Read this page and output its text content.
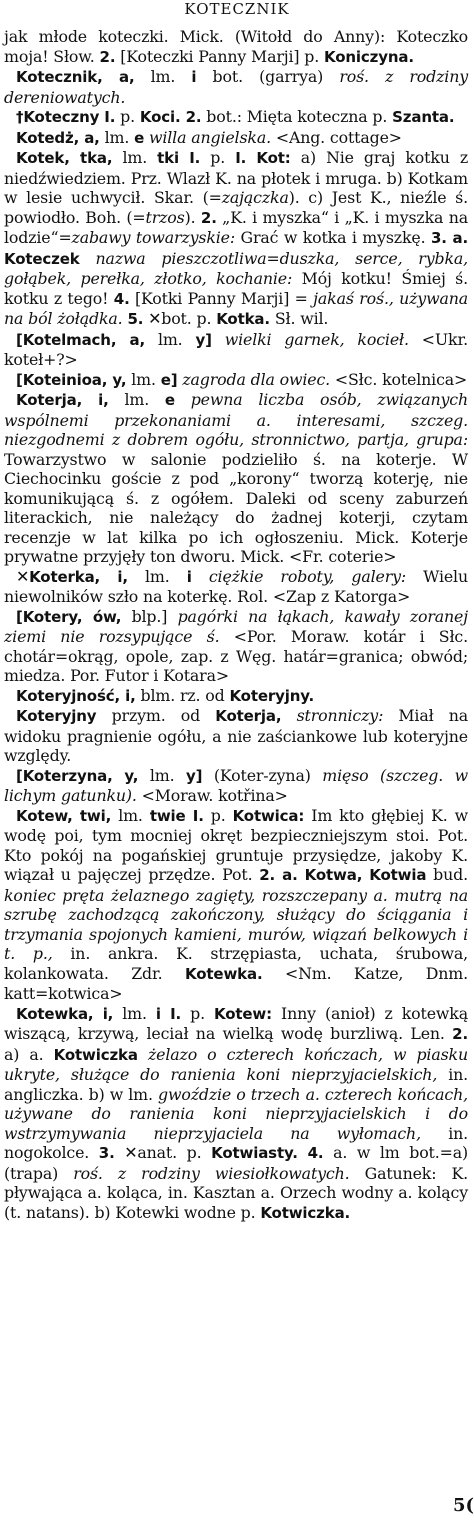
KOTECZNIK

jak młode koteczki. Mick. (Witołd do Anny): Koteczko moja! Słow. 2. [Koteczki Panny Marji] p. Koniczyna.

Kotecznik, a, lm. i bot. (garrya) roś. z rodziny dereniowatych.

†Koteczny I. p. Koci. 2. bot.: Mięta koteczna p. Szanta.

Kotedż, a, lm. e willa angielska. <Ang. cottage>

Kotek, tka, lm. tki I. p. I. Kot: a) Nie graj kotku z niedźwiedziem. Prz. Wlazł K. na płotek i mruga. b) Kotkam w lesie uchwycił. Skar. (=zajączka). c) Jest K., nieźle ś. powiodło. Boh. (=trzos). 2. „K. i myszka“ i „K. i myszka na lodzie“=zabawy towarzyskie: Grać w kotka i myszkę. 3. a. Koteczek nazwa pieszczotliwa=duszka, serce, rybka, gołąbek, perełka, złotko, kochanie: Mój kotku! Śmiej ś. kotku z tego! 4. [Kotki Panny Marji] = jakaś roś., używana na ból żołądka. 5. ✕bot. p. Kotka. Sł. wil.

[Kotelmach, a, lm. y] wielki garnek, kocieł. <Ukr. koteł+?>

[Koteinioa, y, lm. e] zagroda dla owiec. <Słc. kotelnica>

Koterja, i, lm. e pewna liczba osób, związanych wspólnemi przekonaniami a. interesami, szczeg. niezgodnemi z dobrem ogółu, stronnictwo, partja, grupa: Towarzystwo w salonie podzieliło ś. na koterje. W Ciechocinku goście z pod „korony“ tworzą koterję, nie komunikującą ś. z ogółem. Daleki od sceny zaburzeń literackich, nie należący do żadnej koterji, czytam recenzje w lat kilka po ich ogłoszeniu. Mick. Koterje prywatne przyjęły ton dworu. Mick. <Fr. coterie>

✕Koterka, i, lm. i ciężkie roboty, galery: Wielu niewolników szło na koterkę. Rol. <Zap z Katorga>

[Kotery, ów, blp.] pagórki na łąkach, kawały zoranej ziemi nie rozsypujące ś. <Por. Moraw. kotár i Słc. chotár=okrąg, opole, zap. z Węg. határ=granica; obwód; miedza. Por. Futor i Kotara>

Koteryjność, i, blm. rz. od Koteryjny.

Koteryjny przym. od Koterja, stronniczy: Miał na widoku pragnienie ogółu, a nie zaściankowe lub koteryjne względy.

[Koterzyna, y, lm. y] (Koter-zyna) mięso (szczeg. w lichym gatunku). <Moraw. kotřina>

Kotew, twi, lm. twie I. p. Kotwica: Im kto głębiej K. w wodę poi, tym mocniej okręt bezpieczniejszym stoi. Pot. Kto pokój na pogańskiej gruntuje przysiędze, jakoby K. wiązał u pajęczej przędze. Pot. 2. a. Kotwa, Kotwia bud. koniec pręta żelaznego zagięty, rozszczepany a. mutrą na szrubę zachodzącą zakończony, służący do ściągania i trzymania spojonych kamieni, murów, wiązań belkowych i t. p., in. ankra. K. strzępiasta, uchata, śrubowa, kolankowata. Zdr. Kotewka. <Nm. Katze, Dnm. katt=kotwica>

Kotewka, i, lm. i I. p. Kotew: Inny (anioł) z kotewką wiszącą, krzywą, leciał na wielką wodę burzliwą. Len. 2. a) a. Kotwiczka żelazo o czterech kończach, w piasku ukryte, służące do ranienia koni nieprzyjacielskich, in. angliczka. b) w lm. gwoździe o trzech a. czterech końcach, używane do ranienia koni nieprzyjacielskich i do wstrzymywania nieprzyjaciela na wyłomach, in. nogokolce. 3. ✕anat. p. Kotwiasty. 4. a. w lm bot.=a) (trapa) roś. z rodziny wiesiołkowatych. Gatunek: K. pływająca a. koląca, in. Kasztan a. Orzech wodny a. kolący (t. natans). b) Kotewki wodne p. Kotwiczka.

5(
